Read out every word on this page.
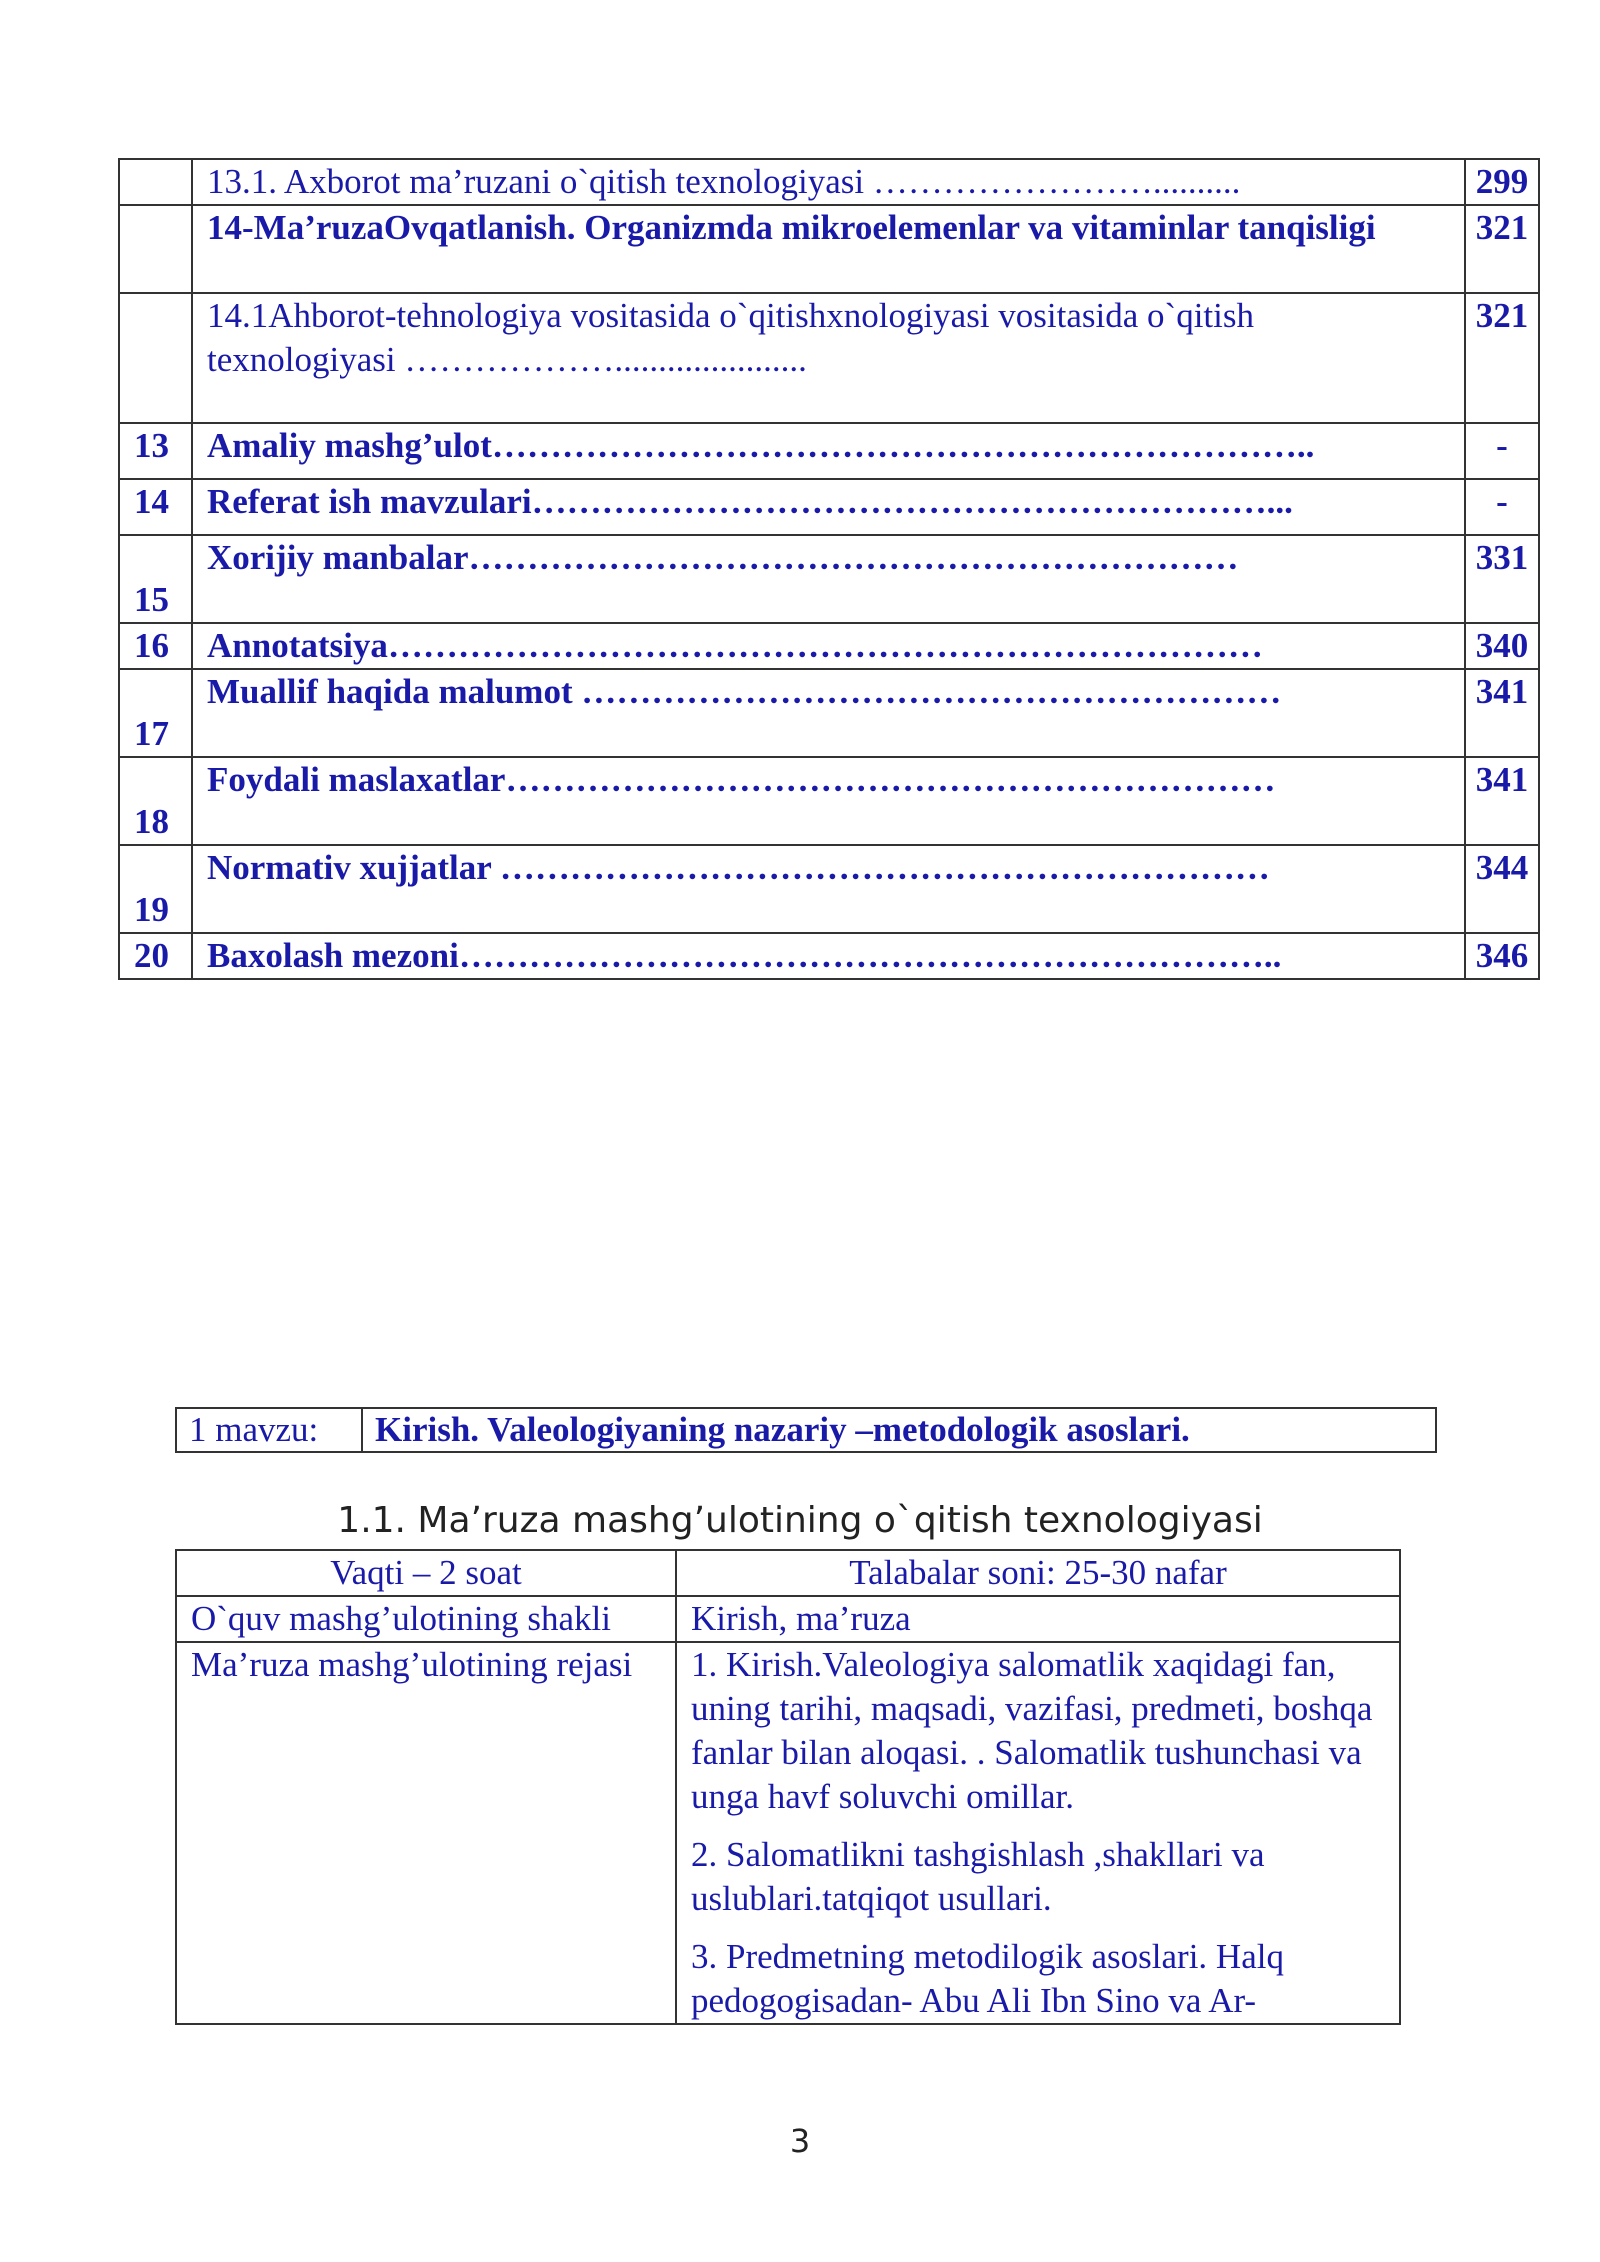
	13.1. Axborot ma’ruzani o`qitish texnologiyasi ……………………..........	299
	14-Ma’ruzaOvqatlanish. Organizmda mikroelemenlar va vitaminlar tanqisligi	321
	14.1Ahborot-tehnologiya vositasida o`qitishxnologiyasi vositasida o`qitish texnologiyasi ………………......................	321
13	Amaliy mashg’ulot……………………………………………………………..	-
14	Referat ish mavzulari………………………………………………………...	-
15	Xorijiy manbalar…………………………………………………………	331
16	Annotatsiya…………………………………………………………………	340
17	Muallif haqida malumot ……………………………………………………	341
18	Foydali maslaxatlar…………………………………………………………	341
19	Normativ xujjatlar …………………………………………………………	344
20	Baxolash mezoni……………………………………………………………..	346
1 mavzu:	Kirish. Valeologiyaning nazariy –metodologik asoslari.
1.1. Ma’ruza mashg’ulotining o`qitish texnologiyasi
Vaqti – 2 soat	Talabalar soni: 25-30 nafar
O`quv mashg’ulotining shakli	Kirish, ma’ruza

Ma’ruza mashg’ulotining rejasi	1. Kirish.Valeologiya salomatlik xaqidagi fan, uning tarihi, maqsadi, vazifasi, predmeti, boshqa fanlar bilan aloqasi. . Salomatlik tushunchasi va unga havf soluvchi omillar.

2. Salomatlikni tashgishlash ,shakllari va uslublari.tatqiqot usullari.

3. Predmetning metodilogik asoslari. Halq pedogogisadan- Abu Ali Ibn Sino va Ar-

3
